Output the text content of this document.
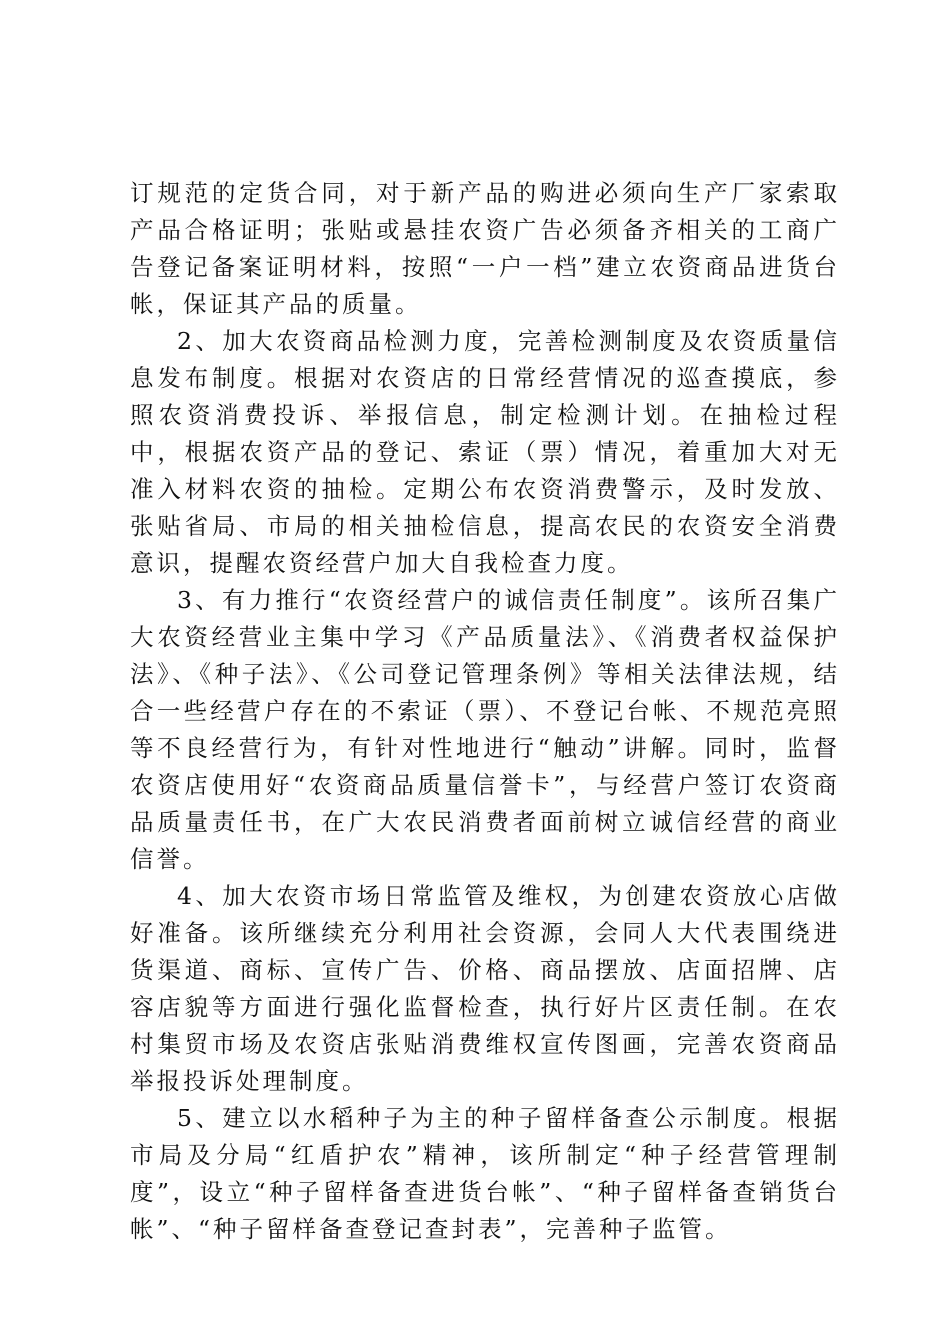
订规范的定货合同，对于新产品的购进必须向生产厂家索取产品合格证明；张贴或悬挂农资广告必须备齐相关的工商广告登记备案证明材料，按照“一户一档”建立农资商品进货台帐，保证其产品的质量。

2、加大农资商品检测力度，完善检测制度及农资质量信息发布制度。根据对农资店的日常经营情况的巡查摸底，参照农资消费投诉、举报信息，制定检测计划。在抽检过程中，根据农资产品的登记、索证（票）情况，着重加大对无准入材料农资的抽检。定期公布农资消费警示，及时发放、张贴省局、市局的相关抽检信息，提高农民的农资安全消费意识，提醒农资经营户加大自我检查力度。

3、有力推行“农资经营户的诚信责任制度”。该所召集广大农资经营业主集中学习《产品质量法》、《消费者权益保护法》、《种子法》、《公司登记管理条例》等相关法律法规，结合一些经营户存在的不索证（票）、不登记台帐、不规范亮照等不良经营行为，有针对性地进行“触动”讲解。同时，监督农资店使用好“农资商品质量信誉卡”，与经营户签订农资商品质量责任书，在广大农民消费者面前树立诚信经营的商业信誉。

4、加大农资市场日常监管及维权，为创建农资放心店做好准备。该所继续充分利用社会资源，会同人大代表围绕进货渠道、商标、宣传广告、价格、商品摆放、店面招牌、店容店貌等方面进行强化监督检查，执行好片区责任制。在农村集贸市场及农资店张贴消费维权宣传图画，完善农资商品举报投诉处理制度。

5、建立以水稻种子为主的种子留样备查公示制度。根据市局及分局“红盾护农”精神，该所制定“种子经营管理制度”，设立“种子留样备查进货台帐”、“种子留样备查销货台帐”、“种子留样备查登记查封表”，完善种子监管。
